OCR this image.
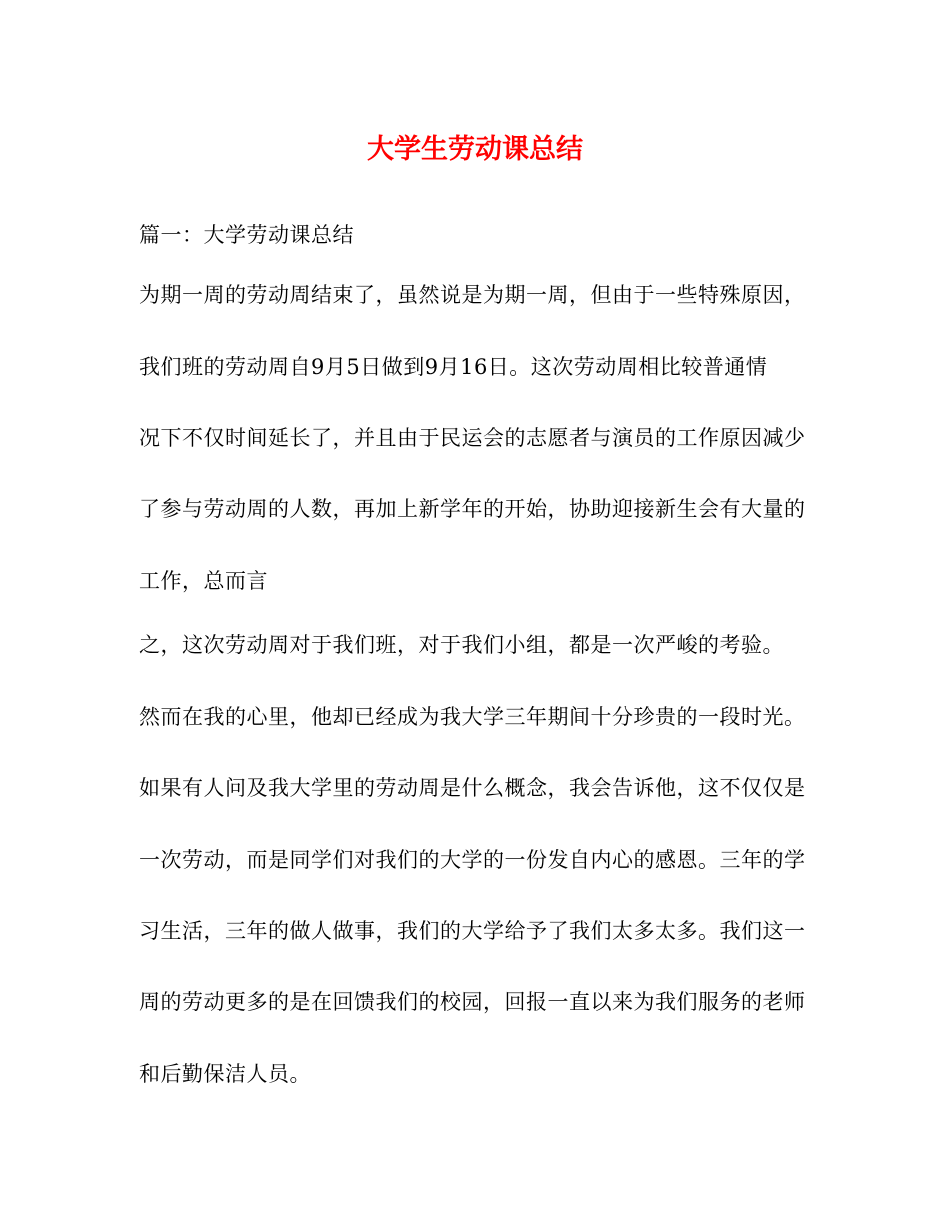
大学生劳动课总结
篇一：大学劳动课总结
为期一周的劳动周结束了，虽然说是为期一周，但由于一些特殊原因，
我们班的劳动周自9月5日做到9月16日。这次劳动周相比较普通情
况下不仅时间延长了，并且由于民运会的志愿者与演员的工作原因减少
了参与劳动周的人数，再加上新学年的开始，协助迎接新生会有大量的
工作，总而言
之，这次劳动周对于我们班，对于我们小组，都是一次严峻的考验。
然而在我的心里，他却已经成为我大学三年期间十分珍贵的一段时光。
如果有人问及我大学里的劳动周是什么概念，我会告诉他，这不仅仅是
一次劳动，而是同学们对我们的大学的一份发自内心的感恩。三年的学
习生活，三年的做人做事，我们的大学给予了我们太多太多。我们这一
周的劳动更多的是在回馈我们的校园，回报一直以来为我们服务的老师
和后勤保洁人员。
